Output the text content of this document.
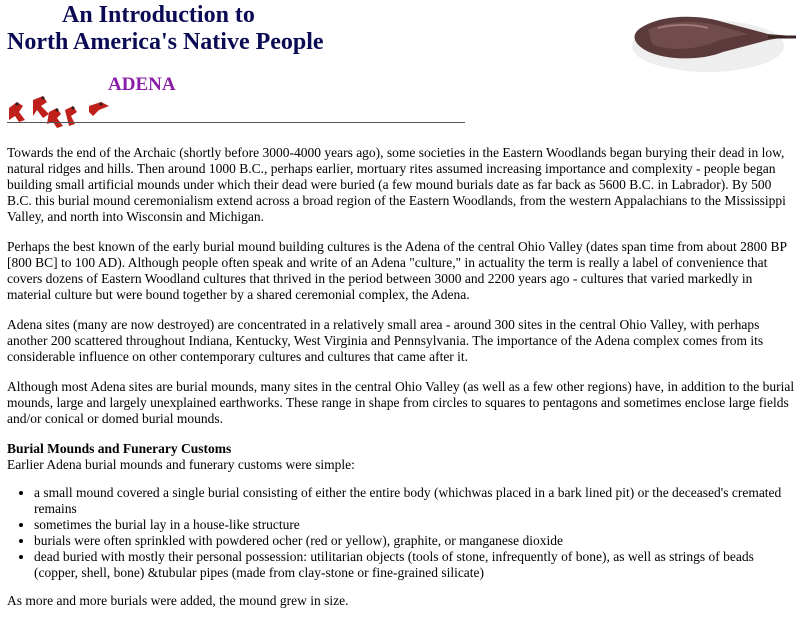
An Introduction to
North America's Native People
ADENA

Towards the end of the Archaic (shortly before 3000-4000 years ago), some societies in the Eastern Woodlands began burying their dead in low, natural ridges and hills. Then around 1000 B.C., perhaps earlier, mortuary rites assumed increasing importance and complexity - people began building small artificial mounds under which their dead were buried (a few mound burials date as far back as 5600 B.C. in Labrador). By 500 B.C. this burial mound ceremonialism extend across a broad region of the Eastern Woodlands, from the western Appalachians to the Mississippi Valley, and north into Wisconsin and Michigan.

Perhaps the best known of the early burial mound building cultures is the Adena of the central Ohio Valley (dates span time from about 2800 BP [800 BC] to 100 AD). Although people often speak and write of an Adena "culture," in actuality the term is really a label of convenience that covers dozens of Eastern Woodland cultures that thrived in the period between 3000 and 2200 years ago - cultures that varied markedly in material culture but were bound together by a shared ceremonial complex, the Adena.

Adena sites (many are now destroyed) are concentrated in a relatively small area - around 300 sites in the central Ohio Valley, with perhaps another 200 scattered throughout Indiana, Kentucky, West Virginia and Pennsylvania. The importance of the Adena complex comes from its considerable influence on other contemporary cultures and cultures that came after it.

Although most Adena sites are burial mounds, many sites in the central Ohio Valley (as well as a few other regions) have, in addition to the burial mounds, large and largely unexplained earthworks. These range in shape from circles to squares to pentagons and sometimes enclose large fields and/or conical or domed burial mounds.

Burial Mounds and Funerary Customs
Earlier Adena burial mounds and funerary customs were simple:
• a small mound covered a single burial consisting of either the entire body (whichwas placed in a bark lined pit) or the deceased's cremated remains
• sometimes the burial lay in a house-like structure
• burials were often sprinkled with powdered ocher (red or yellow), graphite, or manganese dioxide
• dead buried with mostly their personal possession: utilitarian objects (tools of stone, infrequently of bone), as well as strings of beads (copper, shell, bone) &tubular pipes (made from clay-stone or fine-grained silicate)

As more and more burials were added, the mound grew in size.
